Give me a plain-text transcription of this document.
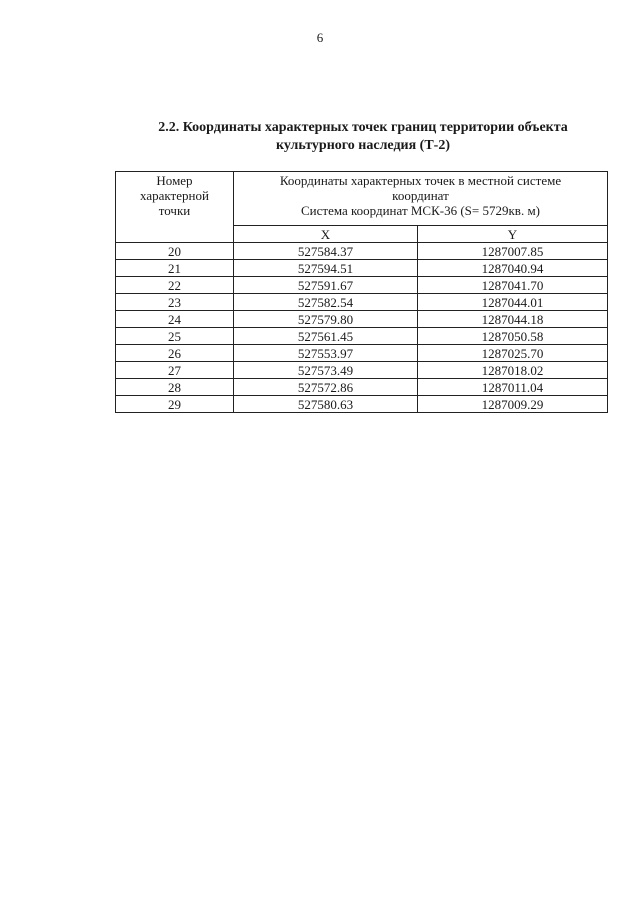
6
2.2. Координаты характерных точек границ территории объекта
культурного наследия (Т-2)
Номер
характерной
точки	Координаты характерных точек в местной системе
координат
Система координат МСК-36 (S= 5729кв. м)	

	X	Y
20	527584.37	1287007.85
21	527594.51	1287040.94
22	527591.67	1287041.70
23	527582.54	1287044.01
24	527579.80	1287044.18
25	527561.45	1287050.58
26	527553.97	1287025.70
27	527573.49	1287018.02
28	527572.86	1287011.04
29	527580.63	1287009.29
